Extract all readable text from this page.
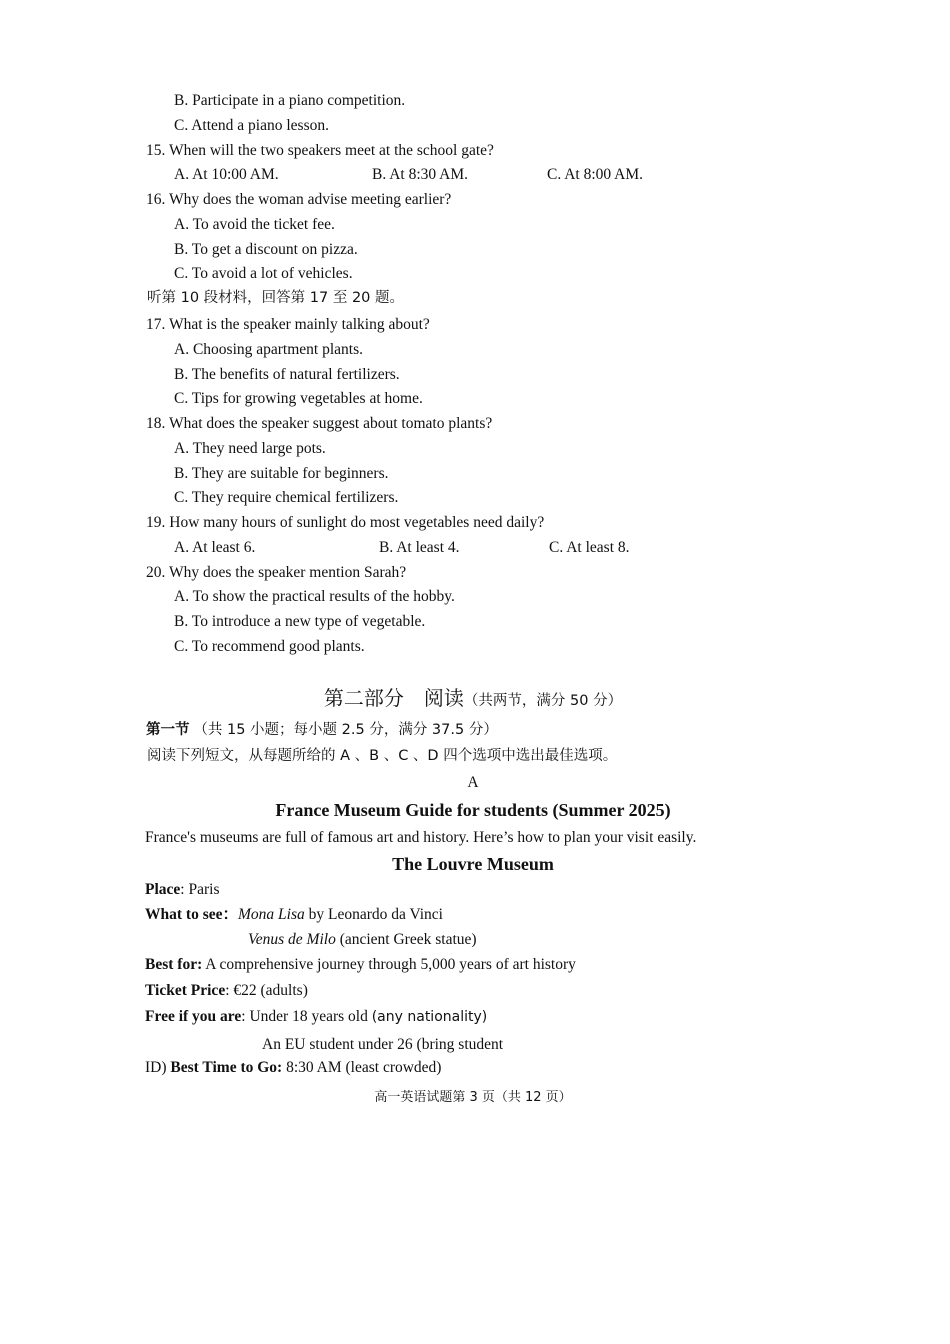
B. Participate in a piano competition.
C. Attend a piano lesson.
15. When will the two speakers meet at the school gate?
A. At 10:00 AM.	B. At 8:30 AM.	C. At 8:00 AM.
16. Why does the woman advise meeting earlier?
A. To avoid the ticket fee.
B. To get a discount on pizza.
C. To avoid a lot of vehicles.
听第 10 段材料，回答第 17 至 20 题。
17. What is the speaker mainly talking about?
A. Choosing apartment plants.
B. The benefits of natural fertilizers.
C. Tips for growing vegetables at home.
18. What does the speaker suggest about tomato plants?
A. They need large pots.
B. They are suitable for beginners.
C. They require chemical fertilizers.
19. How many hours of sunlight do most vegetables need daily?
A. At least 6.	B. At least 4.	C. At least 8.
20. Why does the speaker mention Sarah?
A. To show the practical results of the hobby.
B. To introduce a new type of vegetable.
C. To recommend good plants.
第二部分　阅读（共两节，满分 50 分）
第一节 （共 15 小题；每小题 2.5 分，满分 37.5 分）
阅读下列短文，从每题所给的 A 、B 、C 、D 四个选项中选出最佳选项。
A
France Museum Guide for students (Summer 2025)
France's museums are full of famous art and history. Here’s how to plan your visit easily.
The Louvre Museum
Place: Paris
What to see：Mona Lisa by Leonardo da Vinci
Venus de Milo (ancient Greek statue)
Best for: A comprehensive journey through 5,000 years of art history
Ticket Price: €22 (adults)
Free if you are: Under 18 years old (any nationality)
An EU student under 26 (bring student
ID) Best Time to Go: 8:30 AM (least crowded)
高一英语试题第 3 页（共 12 页）
